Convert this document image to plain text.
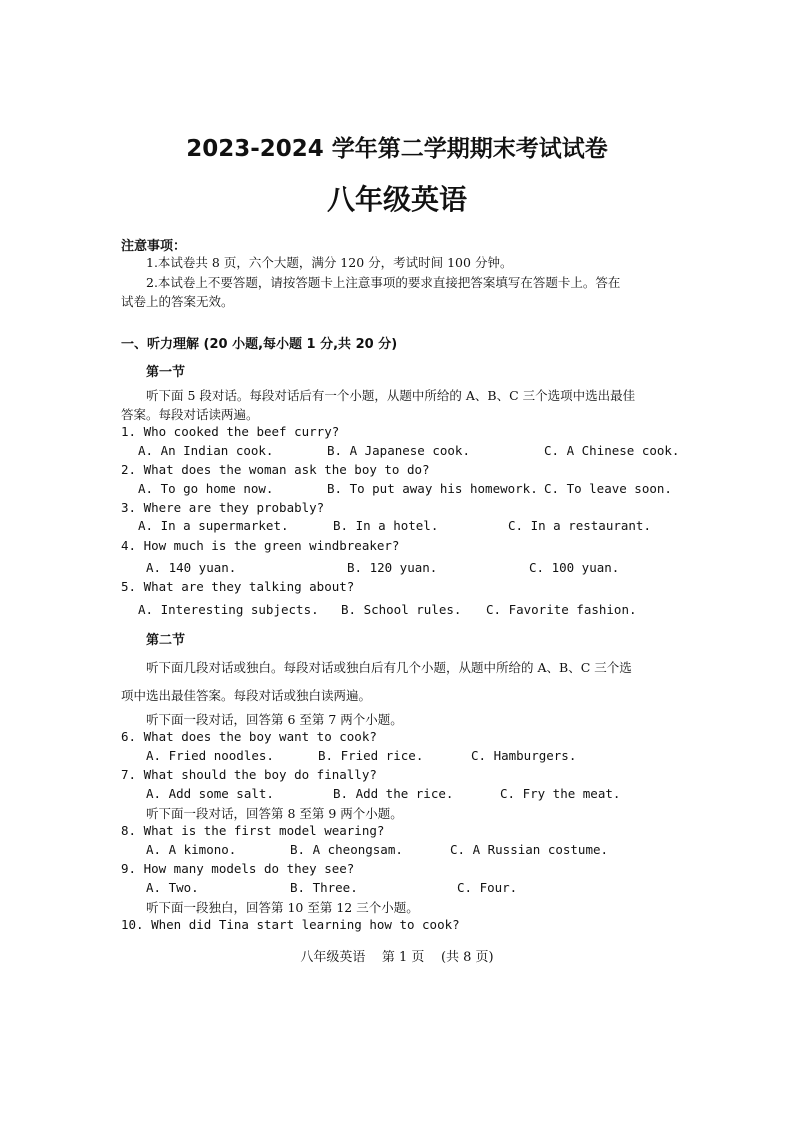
2023-2024 学年第二学期期末考试试卷
八年级英语
注意事项：
1.本试卷共 8 页，六个大题，满分 120 分，考试时间 100 分钟。
2.本试卷上不要答题，请按答题卡上注意事项的要求直接把答案填写在答题卡上。答在
试卷上的答案无效。
一、听力理解 (20 小题,每小题 1 分,共 20 分)
第一节
听下面 5 段对话。每段对话后有一个小题，从题中所给的 A、B、C 三个选项中选出最佳
答案。每段对话读两遍。
1. Who cooked the beef curry?
A. An Indian cook.	B. A Japanese cook.	C. A Chinese cook.
2. What does the woman ask the boy to do?
A. To go home now.	B. To put away his homework. C. To leave soon.
3. Where are they probably?
A. In a supermarket.	B. In a hotel.	C. In a restaurant.
4. How much is the green windbreaker?
A. 140 yuan.	B. 120 yuan.	C. 100 yuan.
5. What are they talking about?
A. Interesting subjects. B. School rules. C. Favorite fashion.
第二节
听下面几段对话或独白。每段对话或独白后有几个小题，从题中所给的 A、B、C 三个选
项中选出最佳答案。每段对话或独白读两遍。
听下面一段对话，回答第 6 至第 7 两个小题。
6. What does the boy want to cook?
A. Fried noodles.	B. Fried rice.	C. Hamburgers.
7. What should the boy do finally?
A. Add some salt.	B. Add the rice.	C. Fry the meat.
听下面一段对话，回答第 8 至第 9 两个小题。
8. What is the first model wearing?
A. A kimono.	B. A cheongsam.	C. A Russian costume.
9. How many models do they see?
A. Two.	B. Three.	C. Four.
听下面一段独白，回答第 10 至第 12 三个小题。
10. When did Tina start learning how to cook?
八年级英语    第 1 页    (共 8 页)
